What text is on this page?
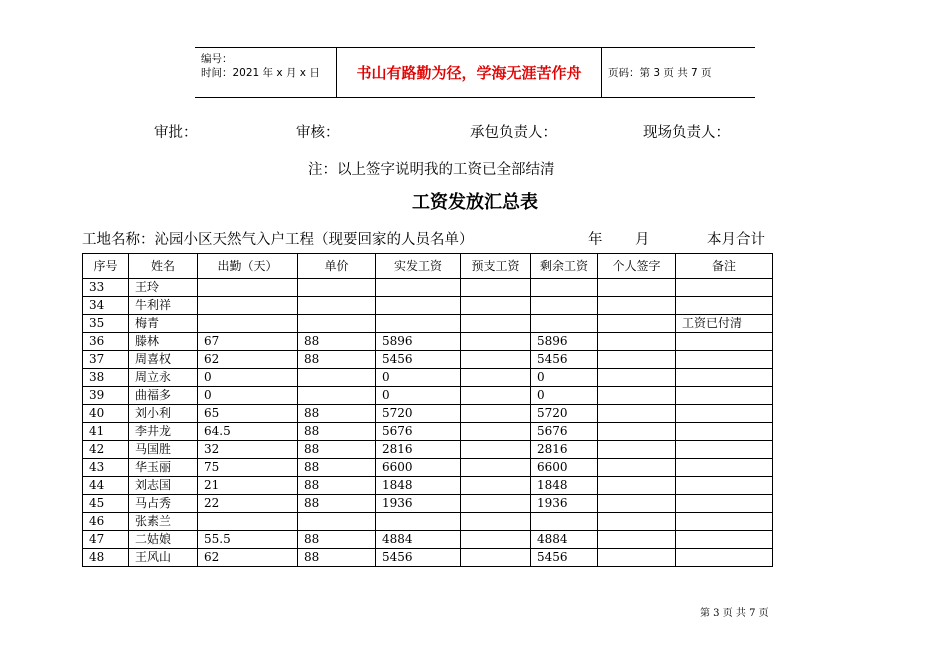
编号：
时间：2021 年 x 月 x 日	书山有路勤为径，学海无涯苦作舟	页码：第 3 页 共 7 页
审批：	审核：	承包负责人：	现场负责人：
注：以上签字说明我的工资已全部结清
工资发放汇总表
工地名称：沁园小区天然气入户工程（现要回家的人员名单）	年 月	本月合计
序号	姓名	出勤（天）	单价	实发工资	预支工资	剩余工资	个人签字	备注
33	王玲							
34	牛利祥							
35	梅青							工资已付清
36	滕林	67	88	5896		5896		
37	周喜权	62	88	5456		5456		
38	周立永	0		0		0		
39	曲福多	0		0		0		
40	刘小利	65	88	5720		5720		
41	李井龙	64.5	88	5676		5676		
42	马国胜	32	88	2816		2816		
43	华玉丽	75	88	6600		6600		
44	刘志国	21	88	1848		1848		
45	马占秀	22	88	1936		1936		
46	张素兰							
47	二姑娘	55.5	88	4884		4884		
48	王风山	62	88	5456		5456		
第 3 页 共 7 页
